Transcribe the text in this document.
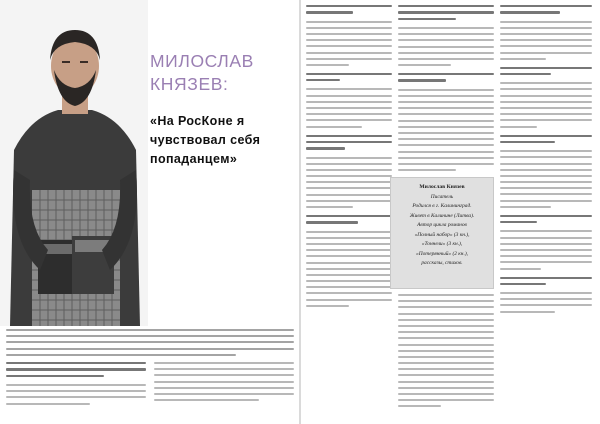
МИЛОСЛАВ КНЯЗЕВ:

«На РосКоне я чувствовал себя попаданцем»

Милослав Князев

Писатель

Родился в г. Калининград.

Живет в Калинине (Литва).

Автор цикла романов

«Полный набор» (3 кн.),

«Тоннели» (3 кн.),

«Потерянный» (2 кн.),

рассказы, стихов.
